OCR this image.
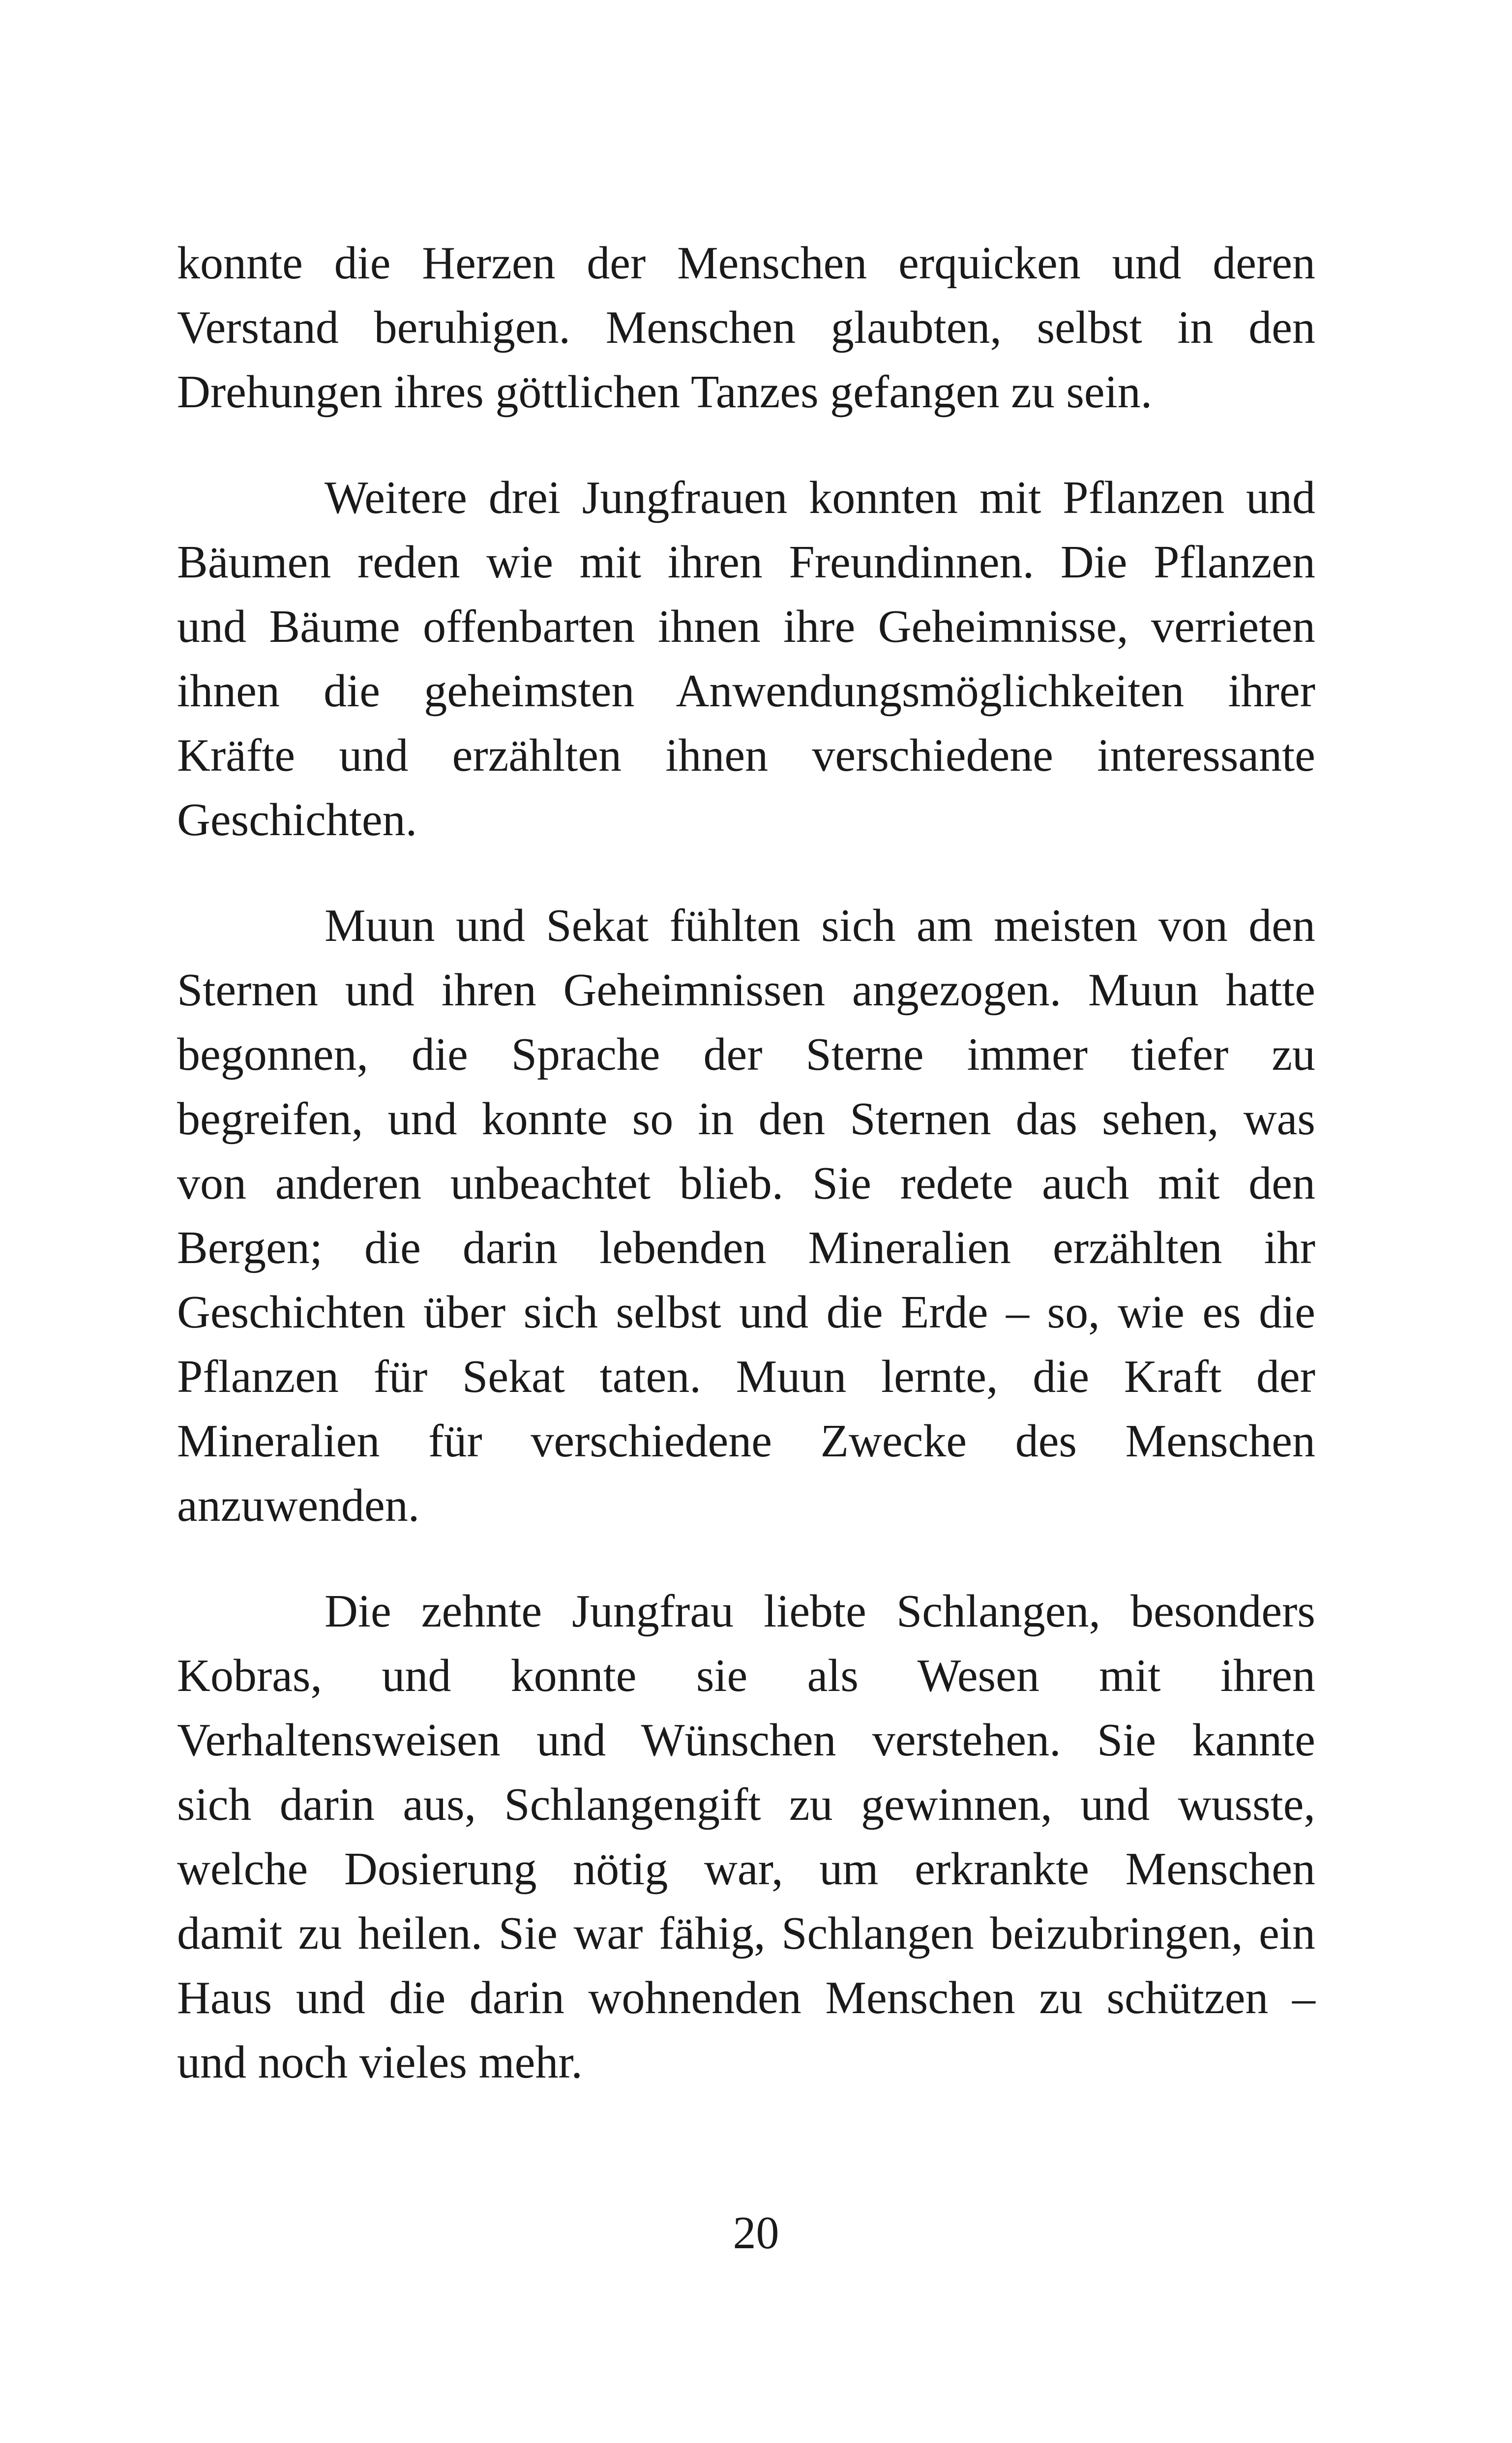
konnte die Herzen der Menschen erquicken und deren
Verstand beruhigen. Menschen glaubten, selbst in den
Drehungen ihres göttlichen Tanzes gefangen zu sein.
Weitere drei Jungfrauen konnten mit Pflanzen und
Bäumen reden wie mit ihren Freundinnen. Die Pflanzen
und Bäume offenbarten ihnen ihre Geheimnisse, verrieten
ihnen die geheimsten Anwendungsmöglichkeiten ihrer
Kräfte und erzählten ihnen verschiedene interessante
Geschichten.
Muun und Sekat fühlten sich am meisten von den
Sternen und ihren Geheimnissen angezogen. Muun hatte
begonnen, die Sprache der Sterne immer tiefer zu
begreifen, und konnte so in den Sternen das sehen, was
von anderen unbeachtet blieb. Sie redete auch mit den
Bergen; die darin lebenden Mineralien erzählten ihr
Geschichten über sich selbst und die Erde – so, wie es die
Pflanzen für Sekat taten. Muun lernte, die Kraft der
Mineralien für verschiedene Zwecke des Menschen
anzuwenden.
Die zehnte Jungfrau liebte Schlangen, besonders
Kobras, und konnte sie als Wesen mit ihren
Verhaltensweisen und Wünschen verstehen. Sie kannte
sich darin aus, Schlangengift zu gewinnen, und wusste,
welche Dosierung nötig war, um erkrankte Menschen
damit zu heilen. Sie war fähig, Schlangen beizubringen, ein
Haus und die darin wohnenden Menschen zu schützen –
und noch vieles mehr.
20
